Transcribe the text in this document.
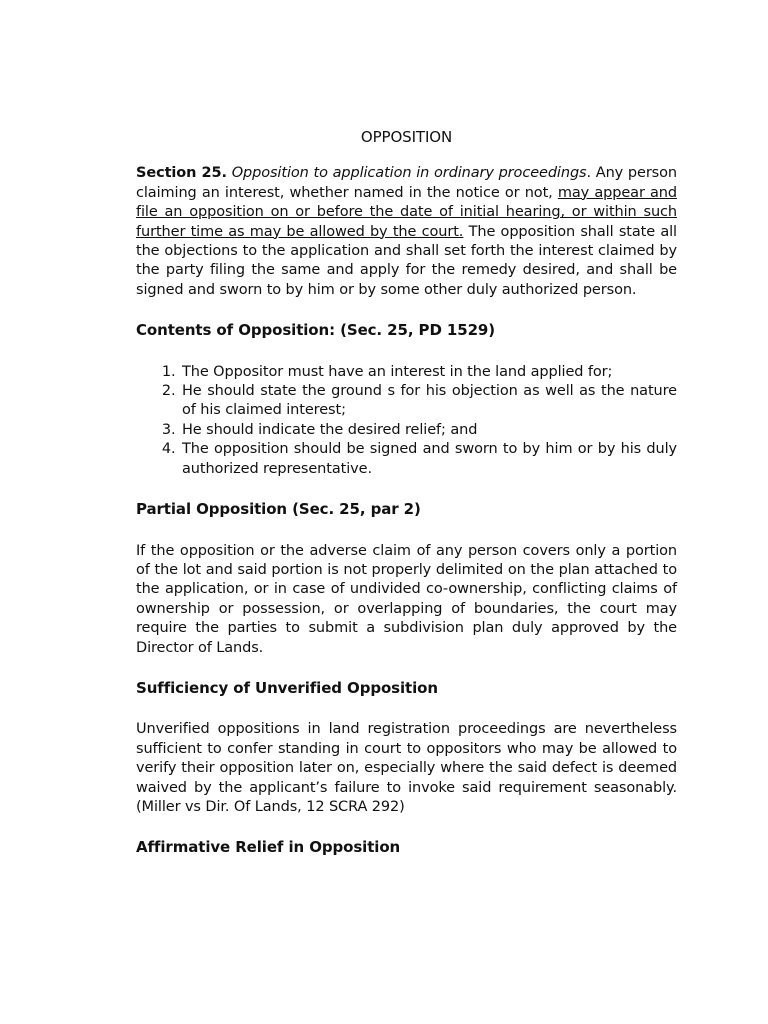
OPPOSITION

Section 25. Opposition to application in ordinary proceedings. Any person claiming an interest, whether named in the notice or not, may appear and file an opposition on or before the date of initial hearing, or within such further time as may be allowed by the court. The opposition shall state all the objections to the application and shall set forth the interest claimed by the party filing the same and apply for the remedy desired, and shall be signed and sworn to by him or by some other duly authorized person.

Contents of Opposition: (Sec. 25, PD 1529)
1. The Oppositor must have an interest in the land applied for;
2. He should state the ground s for his objection as well as the nature of his claimed interest;
3. He should indicate the desired relief; and
4. The opposition should be signed and sworn to by him or by his duly authorized representative.
Partial Opposition (Sec. 25, par 2)

If the opposition or the adverse claim of any person covers only a portion of the lot and said portion is not properly delimited on the plan attached to the application, or in case of undivided co-ownership, conflicting claims of ownership or possession, or overlapping of boundaries, the court may require the parties to submit a subdivision plan duly approved by the Director of Lands.

Sufficiency of Unverified Opposition

Unverified oppositions in land registration proceedings are nevertheless sufficient to confer standing in court to oppositors who may be allowed to verify their opposition later on, especially where the said defect is deemed waived by the applicant’s failure to invoke said requirement seasonably. (Miller vs Dir. Of Lands, 12 SCRA 292)

Affirmative Relief in Opposition
